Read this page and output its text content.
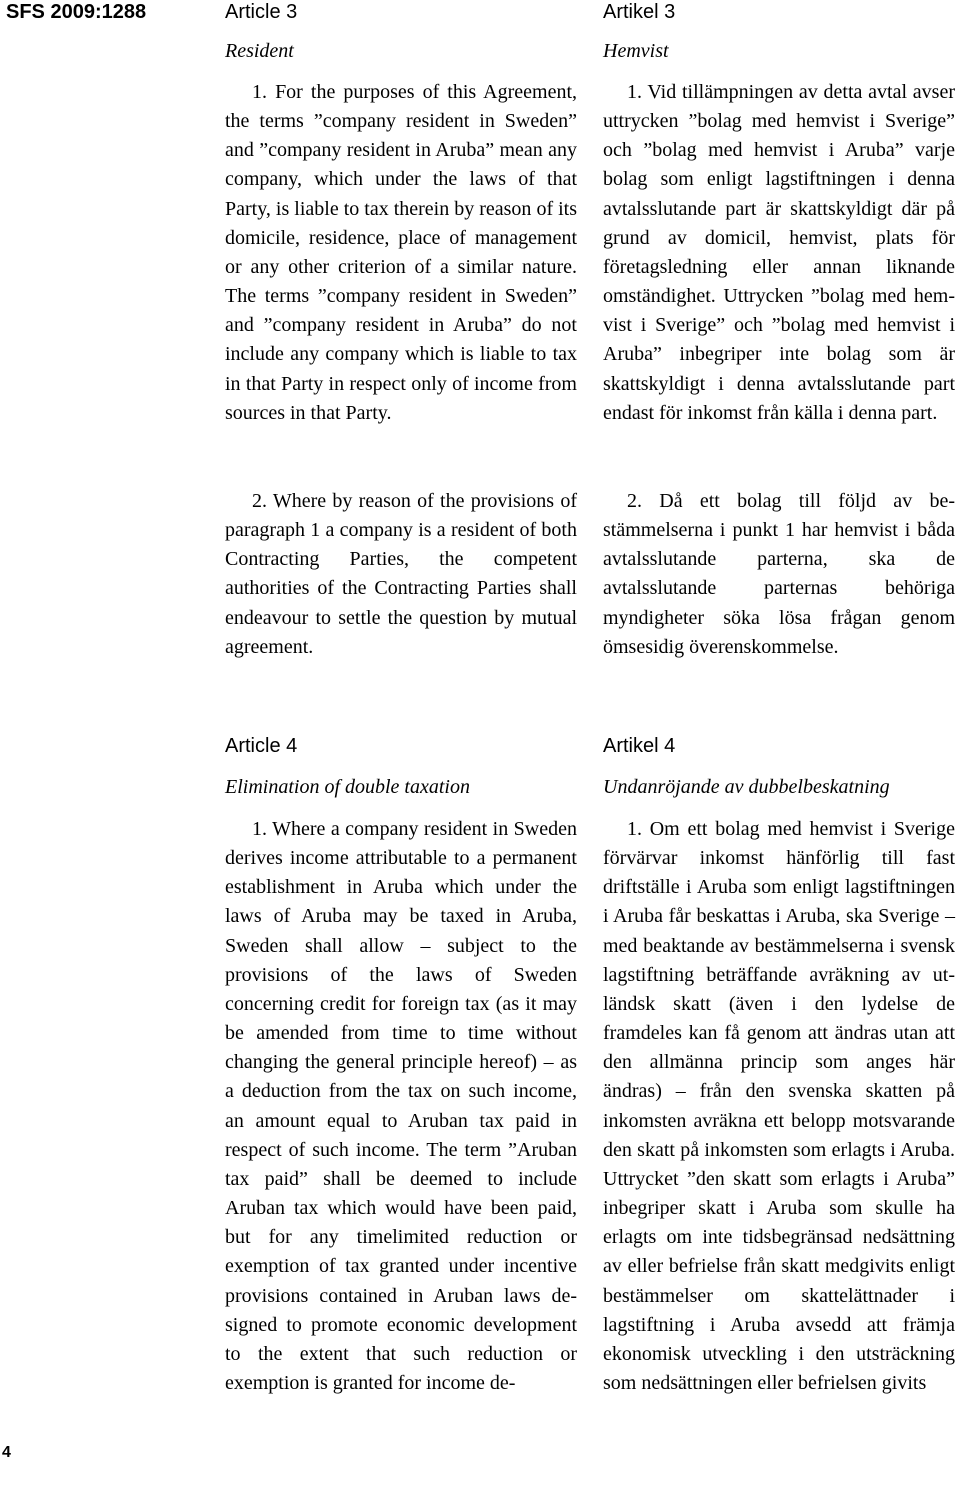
SFS 2009:1288
4
Article 3
Resident

1. For the purposes of this Agreement, the terms ”company resident in Sweden” and ”company resident in Aruba” mean any company, which under the laws of that Party, is liable to tax therein by reason of its domicile, residence, place of management or any other criterion of a similar nature. The terms ”company resident in Sweden” and ”company resident in Aruba” do not include any company which is liable to tax in that Party in respect only of income from sources in that Party.

2. Where by reason of the provisions of paragraph 1 a company is a resident of both Contracting Parties, the competent authorities of the Contracting Parties shall endeavour to settle the question by mutual agreement.

Article 4
Elimination of double taxation

1. Where a company resident in Sweden derives income attributable to a permanent establishment in Aruba which under the laws of Aruba may be taxed in Aruba, Sweden shall allow – subject to the provisions of the laws of Sweden concerning credit for foreign tax (as it may be amended from time to time without changing the general principle hereof) – as a deduction from the tax on such income, an amount equal to Aruban tax paid in respect of such income. The term ”Aruban tax paid” shall be deemed to include Aruban tax which would have been paid, but for any timelimited reduction or exemption of tax granted under incentive provisions contained in Aruban laws designed to promote economic development to the extent that such reduction or exemption is granted for income de-

Artikel 3
Hemvist

1. Vid tillämpningen av detta avtal avser uttrycken ”bolag med hemvist i Sverige” och ”bolag med hemvist i Aruba” varje bolag som enligt lagstiftningen i denna avtalsslutande part är skattskyldigt där på grund av domicil, hemvist, plats för företagsledning eller annan liknande omständighet. Uttrycken ”bolag med hemvist i Sverige” och ”bolag med hemvist i Aruba” inbegriper inte bolag som är skattskyldigt i denna avtalsslutande part endast för inkomst från källa i denna part.

2. Då ett bolag till följd av bestämmelserna i punkt 1 har hemvist i båda avtalsslutande parterna, ska de avtalsslutande parternas behöriga myndigheter söka lösa frågan genom ömsesidig överenskommelse.

Artikel 4
Undanröjande av dubbelbeskatning

1. Om ett bolag med hemvist i Sverige förvärvar inkomst hänförlig till fast driftställe i Aruba som enligt lagstiftningen i Aruba får beskattas i Aruba, ska Sverige – med beaktande av bestämmelserna i svensk lagstiftning beträffande avräkning av utländsk skatt (även i den lydelse de framdeles kan få genom att ändras utan att den allmänna princip som anges här ändras) – från den svenska skatten på inkomsten avräkna ett belopp motsvarande den skatt på inkomsten som erlagts i Aruba. Uttrycket ”den skatt som erlagts i Aruba” inbegriper skatt i Aruba som skulle ha erlagts om inte tidsbegränsad nedsättning av eller befrielse från skatt medgivits enligt bestämmelser om skattelättnader i lagstiftning i Aruba avsedd att främja ekonomisk utveckling i den utsträckning som nedsättningen eller befrielsen givits
